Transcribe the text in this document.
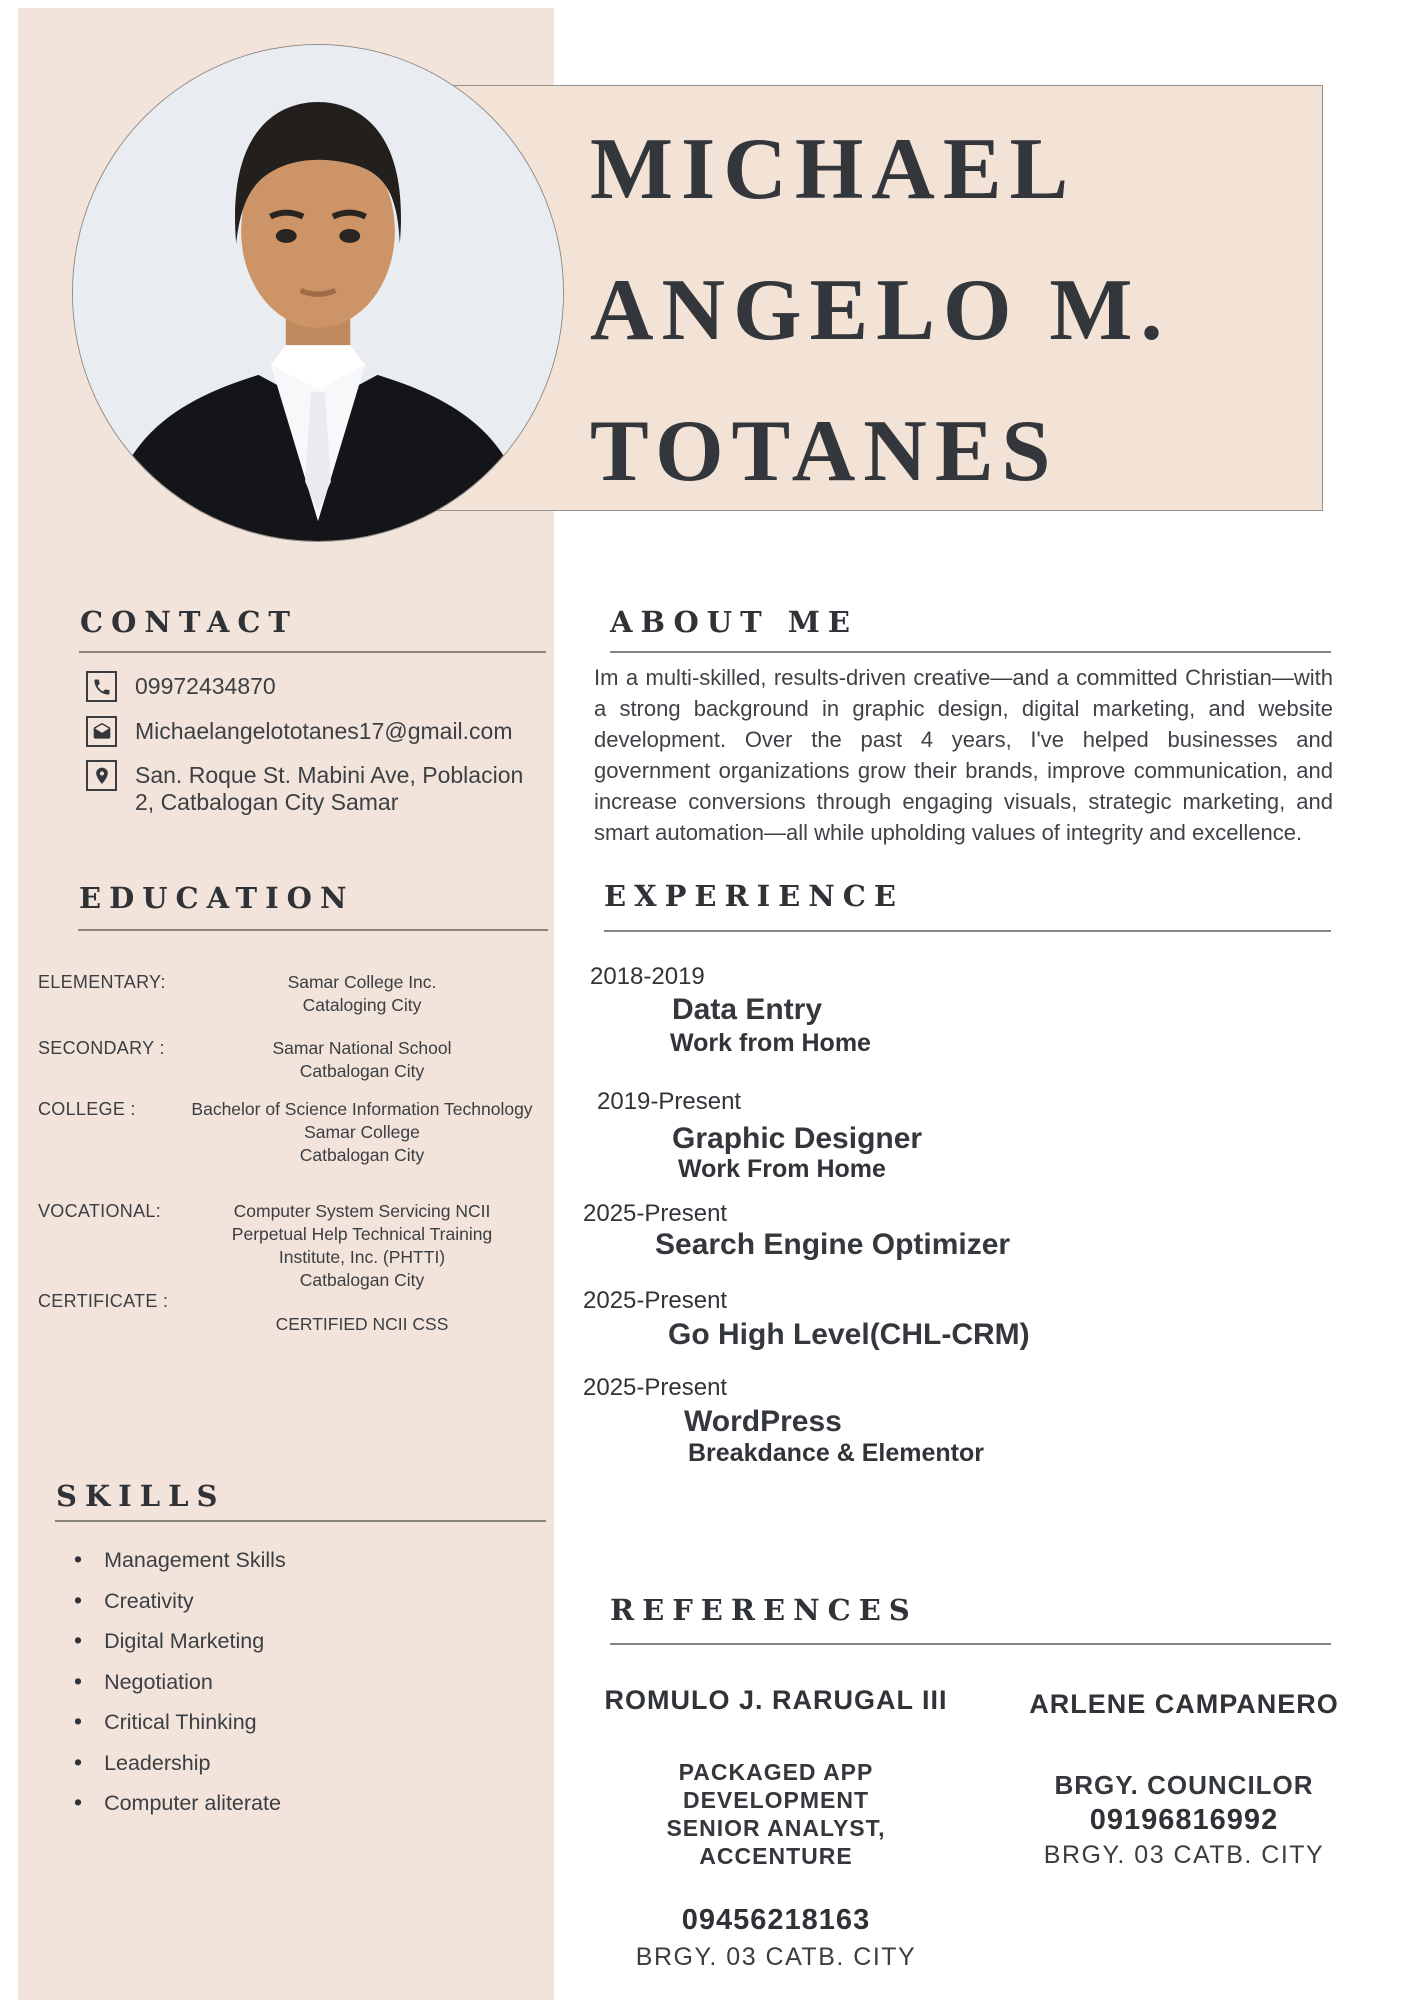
MICHAEL
ANGELO M.
TOTANES
CONTACT
09972434870
Michaelangelototanes17@gmail.com
San. Roque St. Mabini Ave, Poblacion
2, Catbalogan City Samar
EDUCATION
ELEMENTARY:	Samar College Inc.
Cataloging City
SECONDARY :	Samar National School
Catbalogan City
COLLEGE :	Bachelor of Science Information Technology
Samar College
Catbalogan City
VOCATIONAL:	Computer System Servicing NCII
Perpetual Help Technical Training
Institute, Inc. (PHTTI)
Catbalogan City
CERTIFICATE :
CERTIFIED NCII CSS
SKILLS
• Management Skills
• Creativity
• Digital Marketing
• Negotiation
• Critical Thinking
• Leadership
• Computer aliterate
ABOUT ME
Im a multi-skilled, results-driven creative—and a committed Christian—with a strong background in graphic design, digital marketing, and website development. Over the past 4 years, I've helped businesses and government organizations grow their brands, improve communication, and increase conversions through engaging visuals, strategic marketing, and smart automation—all while upholding values of integrity and excellence.
EXPERIENCE
2018-2019
Data Entry
Work from Home
2019-Present
Graphic Designer
Work From Home
2025-Present
Search Engine Optimizer
2025-Present
Go High Level(CHL-CRM)
2025-Present
WordPress
Breakdance & Elementor
REFERENCES
ROMULO J. RARUGAL III
PACKAGED APP
DEVELOPMENT
SENIOR ANALYST,
ACCENTURE
09456218163
BRGY. 03 CATB. CITY
ARLENE CAMPANERO
BRGY. COUNCILOR
09196816992
BRGY. 03 CATB. CITY
